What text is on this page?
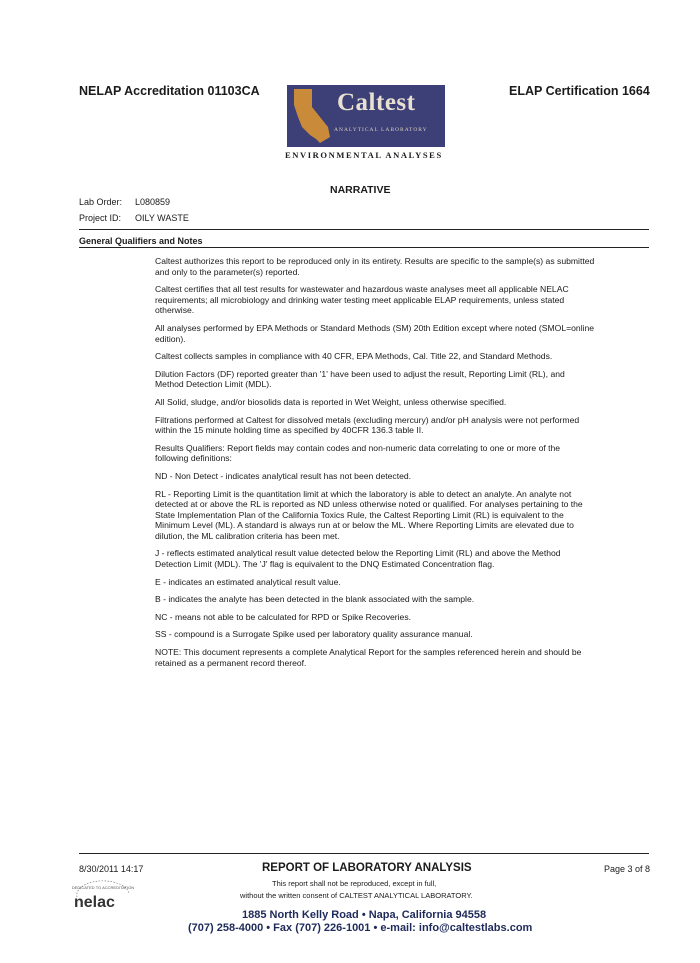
NELAP Accreditation 01103CA	ELAP Certification 1664
Caltest
ANALYTICAL LABORATORY
ENVIRONMENTAL ANALYSES
NARRATIVE
Lab Order: L080859
Project ID: OILY WASTE
General Qualifiers and Notes

Caltest authorizes this report to be reproduced only in its entirety. Results are specific to the sample(s) as submitted and only to the parameter(s) reported.

Caltest certifies that all test results for wastewater and hazardous waste analyses meet all applicable NELAC requirements; all microbiology and drinking water testing meet applicable ELAP requirements, unless stated otherwise.

All analyses performed by EPA Methods or Standard Methods (SM) 20th Edition except where noted (SMOL=online edition).

Caltest collects samples in compliance with 40 CFR, EPA Methods, Cal. Title 22, and Standard Methods.

Dilution Factors (DF) reported greater than '1' have been used to adjust the result, Reporting Limit (RL), and Method Detection Limit (MDL).

All Solid, sludge, and/or biosolids data is reported in Wet Weight, unless otherwise specified.

Filtrations performed at Caltest for dissolved metals (excluding mercury) and/or pH analysis were not performed within the 15 minute holding time as specified by 40CFR 136.3 table II.

Results Qualifiers: Report fields may contain codes and non-numeric data correlating to one or more of the following definitions:

ND - Non Detect - indicates analytical result has not been detected.

RL - Reporting Limit is the quantitation limit at which the laboratory is able to detect an analyte. An analyte not detected at or above the RL is reported as ND unless otherwise noted or qualified. For analyses pertaining to the State Implementation Plan of the California Toxics Rule, the Caltest Reporting Limit (RL) is equivalent to the Minimum Level (ML). A standard is always run at or below the ML. Where Reporting Limits are elevated due to dilution, the ML calibration criteria has been met.

J - reflects estimated analytical result value detected below the Reporting Limit (RL) and above the Method Detection Limit (MDL). The 'J' flag is equivalent to the DNQ Estimated Concentration flag.

E - indicates an estimated analytical result value.

B - indicates the analyte has been detected in the blank associated with the sample.

NC - means not able to be calculated for RPD or Spike Recoveries.

SS - compound is a Surrogate Spike used per laboratory quality assurance manual.

NOTE: This document represents a complete Analytical Report for the samples referenced herein and should be retained as a permanent record thereof.

8/30/2011 14:17	REPORT OF LABORATORY ANALYSIS	Page 3 of 8
This report shall not be reproduced, except in full,
without the written consent of CALTEST ANALYTICAL LABORATORY.
1885 North Kelly Road • Napa, California 94558
(707) 258-4000 • Fax (707) 226-1001 • e-mail: info@caltestlabs.com
DEDICATED TO ACCREDITATION
nelac
